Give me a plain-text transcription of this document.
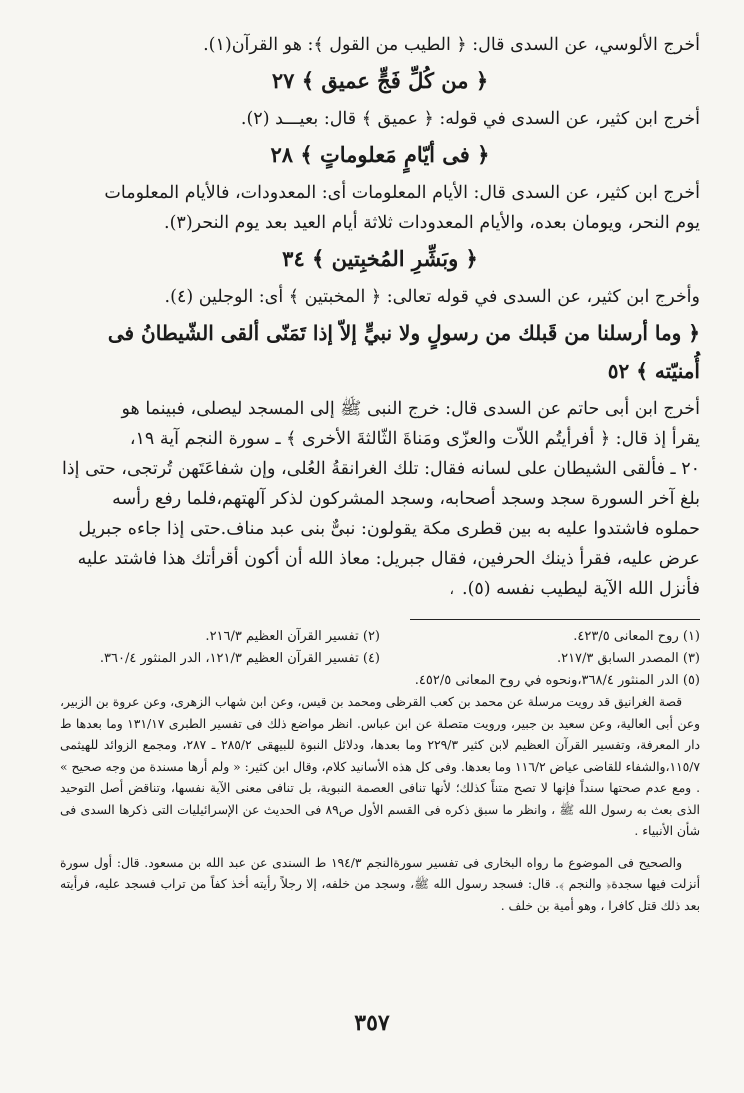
أخرج الألوسي، عن السدى قال: ﴿ الطيب من القول ﴾: هو القرآن(١).

﴿ من كُلِّ فَجٍّ عميق ﴾ ٢٧

أخرج ابن كثير، عن السدى في قوله: ﴿ عميق ﴾ قال: بعيـــد (٢).

﴿ فى أيّامٍ مَعلوماتٍ ﴾ ٢٨

أخرج ابن كثير، عن السدى قال: الأيام المعلومات أى: المعدودات، فالأيام المعلومات

يوم النحر، ويومان بعده، والأيام المعدودات ثلاثة أيام العيد بعد يوم النحر(٣).

﴿ وبَشِّرِ المُخبِتين ﴾ ٣٤

وأخرج ابن كثير، عن السدى في قوله تعالى: ﴿ المخبتين ﴾ أى: الوجلين (٤).

﴿ وما أرسلنا من قَبلك من رسولٍ ولا نبيٍّ إلاّ إذا تَمَنّى ألقى الشّيطانُ فى أُمنيّته ﴾ ٥٢

أخرج ابن أبى حاتم عن السدى قال: خرج النبى ﷺ إلى المسجد ليصلى، فبينما هو

يقرأ إذ قال: ﴿ أفرأيتُم اللاّت والعزّى ومَناةَ الثّالثةَ الأخرى ﴾ ـ سورة النجم آية ١٩،

٢٠ ـ فألقى الشيطان على لسانه فقال: تلك الغرانقةُ العُلى، وإن شفاعَتَهن تُرتجى، حتى إذا

بلغ آخر السورة سجد وسجد أصحابه، وسجد المشركون لذكر آلهتهم،فلما رفع رأسه

حملوه فاشتدوا عليه به بين قطرى مكة يقولون: نبىٌّ بنى عبد مناف.حتى إذا جاءه جبريل

عرض عليه، فقرأ ذينك الحرفين، فقال جبريل: معاذ الله أن أكون أقرأتك هذا فاشتد عليه

فأنزل الله الآية ليطيب نفسه (٥).،

(١) روح المعانى ٤٢٣/٥.
(٢) تفسير القرآن العظيم ٢١٦/٣.
(٣) المصدر السابق ٢١٧/٣.
(٤) تفسير القرآن العظيم ١٢١/٣، الدر المنثور ٣٦٠/٤.

(٥) الدر المنثور ٣٦٨/٤،ونحوه في روح المعانى ٤٥٢/٥.

قصة الغرانيق قد رويت مرسلة عن محمد بن كعب القرظى ومحمد بن قيس، وعن ابن شهاب الزهرى، وعن عروة بن الزبير، وعن أبى العالية، وعن سعيد بن جبير، ورويت متصلة عن ابن عباس. انظر مواضع ذلك فى تفسير الطبرى ١٣١/١٧ وما بعدها ط دار المعرفة، وتفسير القرآن العظيم لابن كثير ٢٢٩/٣ وما بعدها، ودلائل النبوة للبيهقى ٢٨٥/٢ ـ ٢٨٧، ومجمع الزوائد للهيثمى ١١٥/٧،والشفاء للقاضى عياض ١١٦/٢ وما بعدها. وفى كل هذه الأسانيد كلام، وقال ابن كثير: « ولم أرها مسندة من وجه صحيح » . ومع عدم صحتها سنداً فإنها لا تصح متناً كذلك؛ لأنها تنافى العصمة النبوية، بل تنافى معنى الآية نفسها، وتناقض أصل التوحيد الذى بعث به رسول الله ﷺ ، وانظر ما سبق ذكره فى القسم الأول ص٨٩ فى الحديث عن الإسرائيليات التى ذكرها السدى فى شأن الأنبياء .

والصحيح فى الموضوع ما رواه البخارى فى تفسير سورةالنجم ١٩٤/٣ ط السندى عن عبد الله بن مسعود. قال: أول سورة أنزلت فيها سجدة﴿ والنجم ﴾. قال: فسجد رسول الله ﷺ، وسجد من خلفه، إلا رجلاً رأيته أخذ كفاً من تراب فسجد عليه، فرأيته بعد ذلك قتل كافرا ، وهو أمية بن خلف .

٣٥٧
